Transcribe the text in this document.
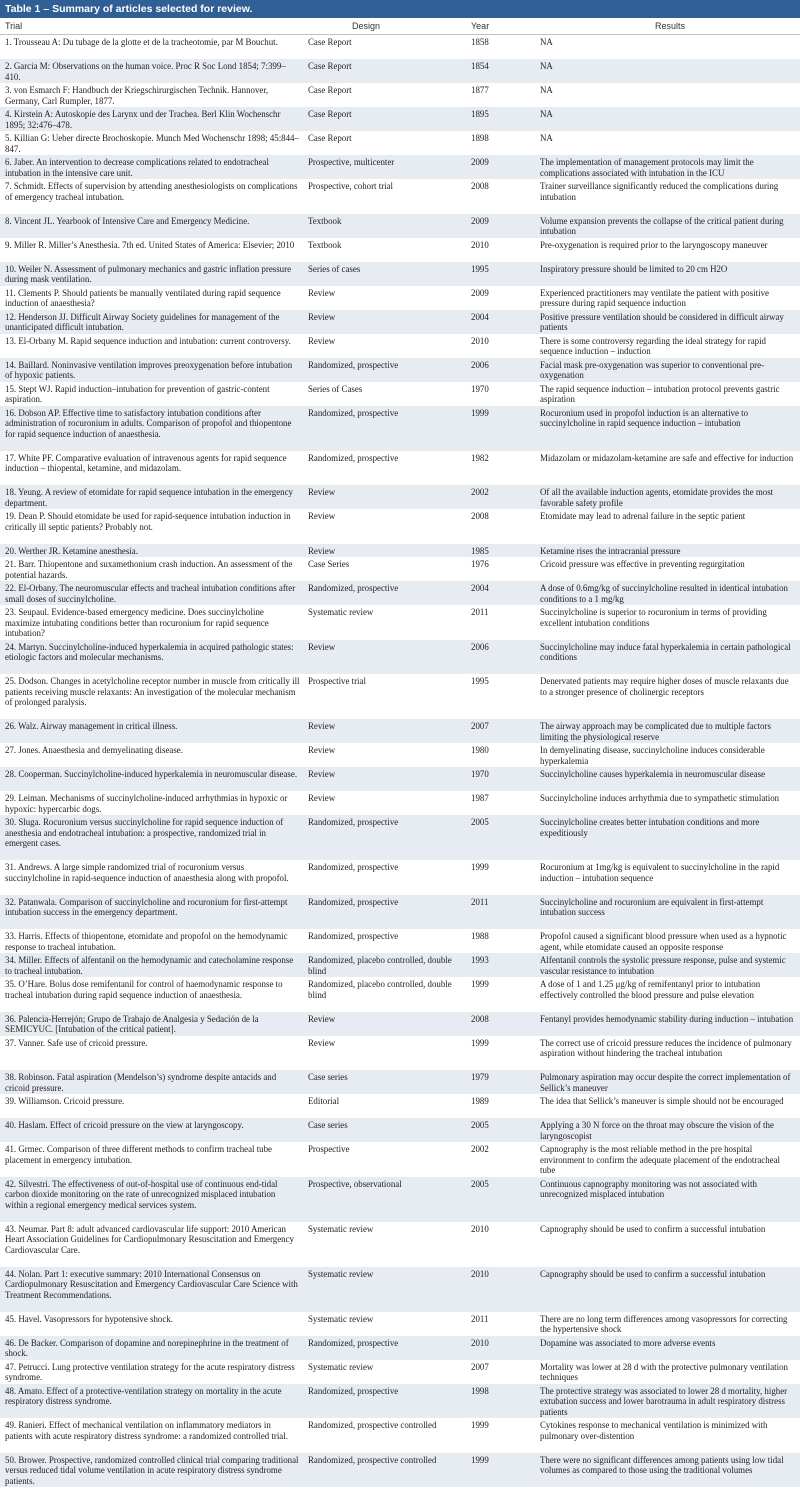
Table 1 – Summary of articles selected for review.
Trial	Design	Year	Results
1. Trousseau A: Du tubage de la glotte et de la tracheotomie, par M Bouchut.	Case Report	1858	NA
2. Garcia M: Observations on the human voice. Proc R Soc Lond 1854; 7:399–410.
Case Report	1854	NA
3. von Esmarch F: Handbuch der Kriegschirurgischen Technik. Hannover, Germany, Carl Rumpler, 1877.
Case Report	1877	NA
4. Kirstein A: Autoskopie des Larynx und der Trachea. Berl Klin Wochenschr 1895; 32:476–478.
Case Report	1895	NA
5. Killian G: Ueber directe Brochoskopie. Munch Med Wochenschr 1898; 45:844–847.
Case Report	1898	NA
6. Jaber. An intervention to decrease complications related to endotracheal intubation in the intensive care unit.
Prospective, multicenter	2009	The implementation of management protocols may limit the complications associated with intubation in the ICU
7. Schmidt. Effects of supervision by attending anesthesiologists on complications of emergency tracheal intubation.
Prospective, cohort trial	2008	Trainer surveillance significantly reduced the complications during intubation
8. Vincent JL. Yearbook of Intensive Care and Emergency Medicine.	Textbook	2009	Volume expansion prevents the collapse of the critical patient during intubation
9. Miller R. Miller’s Anesthesia. 7th ed. United States of America: Elsevier; 2010	Textbook	2010	Pre-oxygenation is required prior to the laryngoscopy maneuver
10. Weiler N. Assessment of pulmonary mechanics and gastric inflation pressure during mask ventilation.
Series of cases	1995	Inspiratory pressure should be limited to 20 cm H2O
11. Clements P. Should patients be manually ventilated during rapid sequence induction of anaesthesia?
Review	2009	Experienced practitioners may ventilate the patient with positive pressure during rapid sequence induction
12. Henderson JJ. Difficult Airway Society guidelines for management of the unanticipated difficult intubation.
Review	2004	Positive pressure ventilation should be considered in difficult airway patients
13. El-Orbany M. Rapid sequence induction and intubation: current controversy.	Review	2010	There is some controversy regarding the ideal strategy for rapid sequence induction – induction
14. Baillard. Noninvasive ventilation improves preoxygenation before intubation of hypoxic patients.
Randomized, prospective	2006	Facial mask pre-oxygenation was superior to conventional pre-oxygenation
15. Stept WJ. Rapid induction–intubation for prevention of gastric-content aspiration.
Series of Cases	1970	The rapid sequence induction – intubation protocol prevents gastric aspiration
16. Dobson AP. Effective time to satisfactory intubation conditions after administration of rocuronium in adults. Comparison of propofol and thiopentone for rapid sequence induction of anaesthesia.
Randomized, prospective	1999	Rocuronium used in propofol induction is an alternative to succinylcholine in rapid sequence induction – intubation
17. White PF. Comparative evaluation of intravenous agents for rapid sequence induction – thiopental, ketamine, and midazolam.
Randomized, prospective	1982	Midazolam or midazolam-ketamine are safe and effective for induction
18. Yeung. A review of etomidate for rapid sequence intubation in the emergency department.
Review	2002	Of all the available induction agents, etomidate provides the most favorable safety profile
19. Dean P. Should etomidate be used for rapid-sequence intubation induction in critically ill septic patients? Probably not.
Review	2008	Etomidate may lead to adrenal failure in the septic patient
20. Werther JR. Ketamine anesthesia.	Review	1985	Ketamine rises the intracranial pressure
21. Barr. Thiopentone and suxamethonium crash induction. An assessment of the potential hazards.
Case Series	1976	Cricoid pressure was effective in preventing regurgitation
22. El-Orbany. The neuromuscular effects and tracheal intubation conditions after small doses of succinylcholine.
Randomized, prospective	2004	A dose of 0.6mg/kg of succinylcholine resulted in identical intubation conditions to a 1 mg/kg
23. Seupaul. Evidence-based emergency medicine. Does succinylcholine maximize intubating conditions better than rocuronium for rapid sequence intubation?
Systematic review	2011	Succinylcholine is superior to rocuronium in terms of providing excellent intubation conditions
24. Martyn. Succinylcholine-induced hyperkalemia in acquired pathologic states: etiologic factors and molecular mechanisms.
Review	2006	Succinylcholine may induce fatal hyperkalemia in certain pathological conditions
25. Dodson. Changes in acetylcholine receptor number in muscle from critically ill patients receiving muscle relaxants: An investigation of the molecular mechanism of prolonged paralysis.
Prospective trial	1995	Denervated patients may require higher doses of muscle relaxants due to a stronger presence of cholinergic receptors
26. Walz. Airway management in critical illness.	Review	2007	The airway approach may be complicated due to multiple factors limiting the physiological reserve
27. Jones. Anaesthesia and demyelinating disease.	Review	1980	In demyelinating disease, succinylcholine induces considerable hyperkalemia
28. Cooperman. Succinylcholine-induced hyperkalemia in neuromuscular disease.	Review	1970	Succinylcholine causes hyperkalemia in neuromuscular disease
29. Leiman. Mechanisms of succinylcholine-induced arrhythmias in hypoxic or hypoxic: hypercarbic dogs.
Review	1987	Succinylcholine induces arrhythmia due to sympathetic stimulation
30. Sluga. Rocuronium versus succinylcholine for rapid sequence induction of anesthesia and endotracheal intubation: a prospective, randomized trial in emergent cases.
Randomized, prospective	2005	Succinylcholine creates better intubation conditions and more expeditiously
31. Andrews. A large simple randomized trial of rocuronium versus succinylcholine in rapid-sequence induction of anaesthesia along with propofol.
Randomized, prospective	1999	Rocuronium at 1mg/kg is equivalent to succinylcholine in the rapid induction – intubation sequence
32. Patanwala. Comparison of succinylcholine and rocuronium for first-attempt intubation success in the emergency department.
Randomized, prospective	2011	Succinylcholine and rocuronium are equivalent in first-attempt intubation success
33. Harris. Effects of thiopentone, etomidate and propofol on the hemodynamic response to tracheal intubation.
Randomized, prospective	1988	Propofol caused a significant blood pressure when used as a hypnotic agent, while etomidate caused an opposite response
34. Miller. Effects of alfentanil on the hemodynamic and catecholamine response to tracheal intubation.
Randomized, placebo controlled, double blind
1993	Alfentanil controls the systolic pressure response, pulse and systemic vascular resistance to intubation
35. O’Hare. Bolus dose remifentanil for control of haemodynamic response to tracheal intubation during rapid sequence induction of anaesthesia.
Randomized, placebo controlled, double blind
1999	A dose of 1 and 1.25 μg/kg of remifentanyl prior to intubation effectively controlled the blood pressure and pulse elevation
36. Palencia-Herrejón; Grupo de Trabajo de Analgesia y Sedación de la SEMICYUC. [Intubation of the critical patient].
Review	2008	Fentanyl provides hemodynamic stability during induction – intubation
37. Vanner. Safe use of cricoid pressure.	Review	1999	The correct use of cricoid pressure reduces the incidence of pulmonary aspiration without hindering the tracheal intubation
38. Robinson. Fatal aspiration (Mendelson’s) syndrome despite antacids and cricoid pressure.
Case series	1979	Pulmonary aspiration may occur despite the correct implementation of Sellick’s maneuver
39. Williamson. Cricoid pressure.	Editorial	1989	The idea that Sellick’s maneuver is simple should not be encouraged
40. Haslam. Effect of cricoid pressure on the view at laryngoscopy.	Case series	2005	Applying a 30 N force on the throat may obscure the vision of the laryngoscopist
41. Grmec. Comparison of three different methods to confirm tracheal tube placement in emergency intubation.
Prospective	2002	Capnography is the most reliable method in the pre hospital environment to confirm the adequate placement of the endotracheal tube
42. Silvestri. The effectiveness of out-of-hospital use of continuous end-tidal carbon dioxide monitoring on the rate of unrecognized misplaced intubation within a regional emergency medical services system.
Prospective, observational	2005	Continuous capnography monitoring was not associated with unrecognized misplaced intubation
43. Neumar. Part 8: adult advanced cardiovascular life support: 2010 American Heart Association Guidelines for Cardiopulmonary Resuscitation and Emergency Cardiovascular Care.
Systematic review	2010	Capnography should be used to confirm a successful intubation
44. Nolan. Part 1: executive summary: 2010 International Consensus on Cardiopulmonary Resuscitation and Emergency Cardiovascular Care Science with Treatment Recommendations.
Systematic review	2010	Capnography should be used to confirm a successful intubation
45. Havel. Vasopressors for hypotensive shock.	Systematic review	2011	There are no long term differences among vasopressors for correcting the hypertensive shock
46. De Backer. Comparison of dopamine and norepinephrine in the treatment of shock.
Randomized, prospective	2010	Dopamine was associated to more adverse events
47. Petrucci. Lung protective ventilation strategy for the acute respiratory distress syndrome.
Systematic review	2007	Mortality was lower at 28 d with the protective pulmonary ventilation techniques
48. Amato. Effect of a protective-ventilation strategy on mortality in the acute respiratory distress syndrome.
Randomized, prospective	1998	The protective strategy was associated to lower 28 d mortality, higher extubation success and lower barotrauma in adult respiratory distress patients
49. Ranieri. Effect of mechanical ventilation on inflammatory mediators in patients with acute respiratory distress syndrome: a randomized controlled trial.
Randomized, prospective controlled	1999	Cytokines response to mechanical ventilation is minimized with pulmonary over-distention
50. Brower. Prospective, randomized controlled clinical trial comparing traditional versus reduced tidal volume ventilation in acute respiratory distress syndrome patients.
Randomized, prospective controlled	1999	There were no significant differences among patients using low tidal volumes as compared to those using the traditional volumes
